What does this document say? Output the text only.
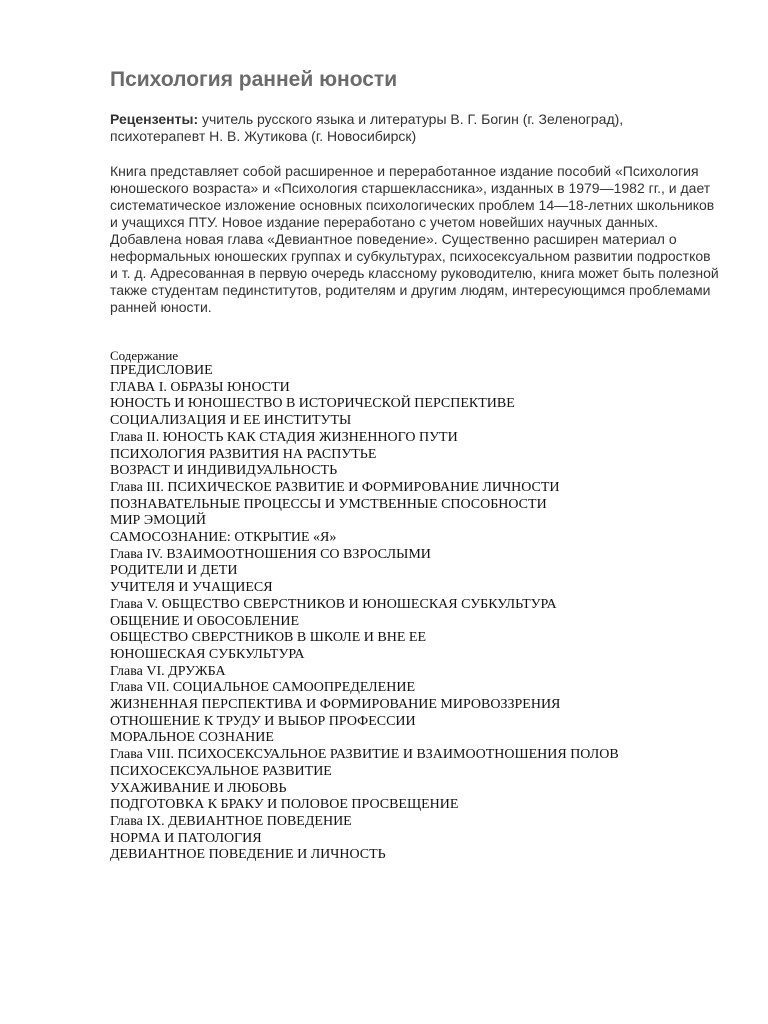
Психология ранней юности

Рецензенты: учитель русского языка и литературы В. Г. Богин (г. Зеленоград), психотерапевт Н. В. Жутикова (г. Новосибирск)

Книга представляет собой расширенное и переработанное издание пособий «Психология юношеского возраста» и «Психология старшеклассника», изданных в 1979—1982 гг., и дает систематическое изложение основных психологических проблем 14—18-летних школьников и учащихся ПТУ. Новое издание переработано с учетом новейших научных данных. Добавлена новая глава «Девиантное поведение». Существенно расширен материал о неформальных юношеских группах и субкультурах, психосексуальном развитии подростков и т. д. Адресованная в первую очередь классному руководителю, книга может быть полезной также студентам пединститутов, родителям и другим людям, интересующимся проблемами ранней юности.

Содержание
ПРЕДИСЛОВИЕ
ГЛАВА I. ОБРАЗЫ ЮНОСТИ
ЮНОСТЬ И ЮНОШЕСТВО В ИСТОРИЧЕСКОЙ ПЕРСПЕКТИВЕ
СОЦИАЛИЗАЦИЯ И ЕЕ ИНСТИТУТЫ
Глава II. ЮНОСТЬ КАК СТАДИЯ ЖИЗНЕННОГО ПУТИ
ПСИХОЛОГИЯ РАЗВИТИЯ НА РАСПУТЬЕ
ВОЗРАСТ И ИНДИВИДУАЛЬНОСТЬ
Глава III. ПСИХИЧЕСКОЕ РАЗВИТИЕ И ФОРМИРОВАНИЕ ЛИЧНОСТИ
ПОЗНАВАТЕЛЬНЫЕ ПРОЦЕССЫ И УМСТВЕННЫЕ СПОСОБНОСТИ
МИР ЭМОЦИЙ
САМОСОЗНАНИЕ: ОТКРЫТИЕ «Я»
Глава IV. ВЗАИМООТНОШЕНИЯ СО ВЗРОСЛЫМИ
РОДИТЕЛИ И ДЕТИ
УЧИТЕЛЯ И УЧАЩИЕСЯ
Глава V. ОБЩЕСТВО СВЕРСТНИКОВ И ЮНОШЕСКАЯ СУБКУЛЬТУРА
ОБЩЕНИЕ И ОБОСОБЛЕНИЕ
ОБЩЕСТВО СВЕРСТНИКОВ В ШКОЛЕ И ВНЕ ЕЕ
ЮНОШЕСКАЯ СУБКУЛЬТУРА
Глава VI. ДРУЖБА
Глава VII. СОЦИАЛЬНОЕ САМООПРЕДЕЛЕНИЕ
ЖИЗНЕННАЯ ПЕРСПЕКТИВА И ФОРМИРОВАНИЕ МИРОВОЗЗРЕНИЯ
ОТНОШЕНИЕ К ТРУДУ И ВЫБОР ПРОФЕССИИ
МОРАЛЬНОЕ СОЗНАНИЕ
Глава VIII. ПСИХОСЕКСУАЛЬНОЕ РАЗВИТИЕ И ВЗАИМООТНОШЕНИЯ ПОЛОВ
ПСИХОСЕКСУАЛЬНОЕ РАЗВИТИЕ
УХАЖИВАНИЕ И ЛЮБОВЬ
ПОДГОТОВКА К БРАКУ И ПОЛОВОЕ ПРОСВЕЩЕНИЕ
Глава IX. ДЕВИАНТНОЕ ПОВЕДЕНИЕ
НОРМА И ПАТОЛОГИЯ
ДЕВИАНТНОЕ ПОВЕДЕНИЕ И ЛИЧНОСТЬ
